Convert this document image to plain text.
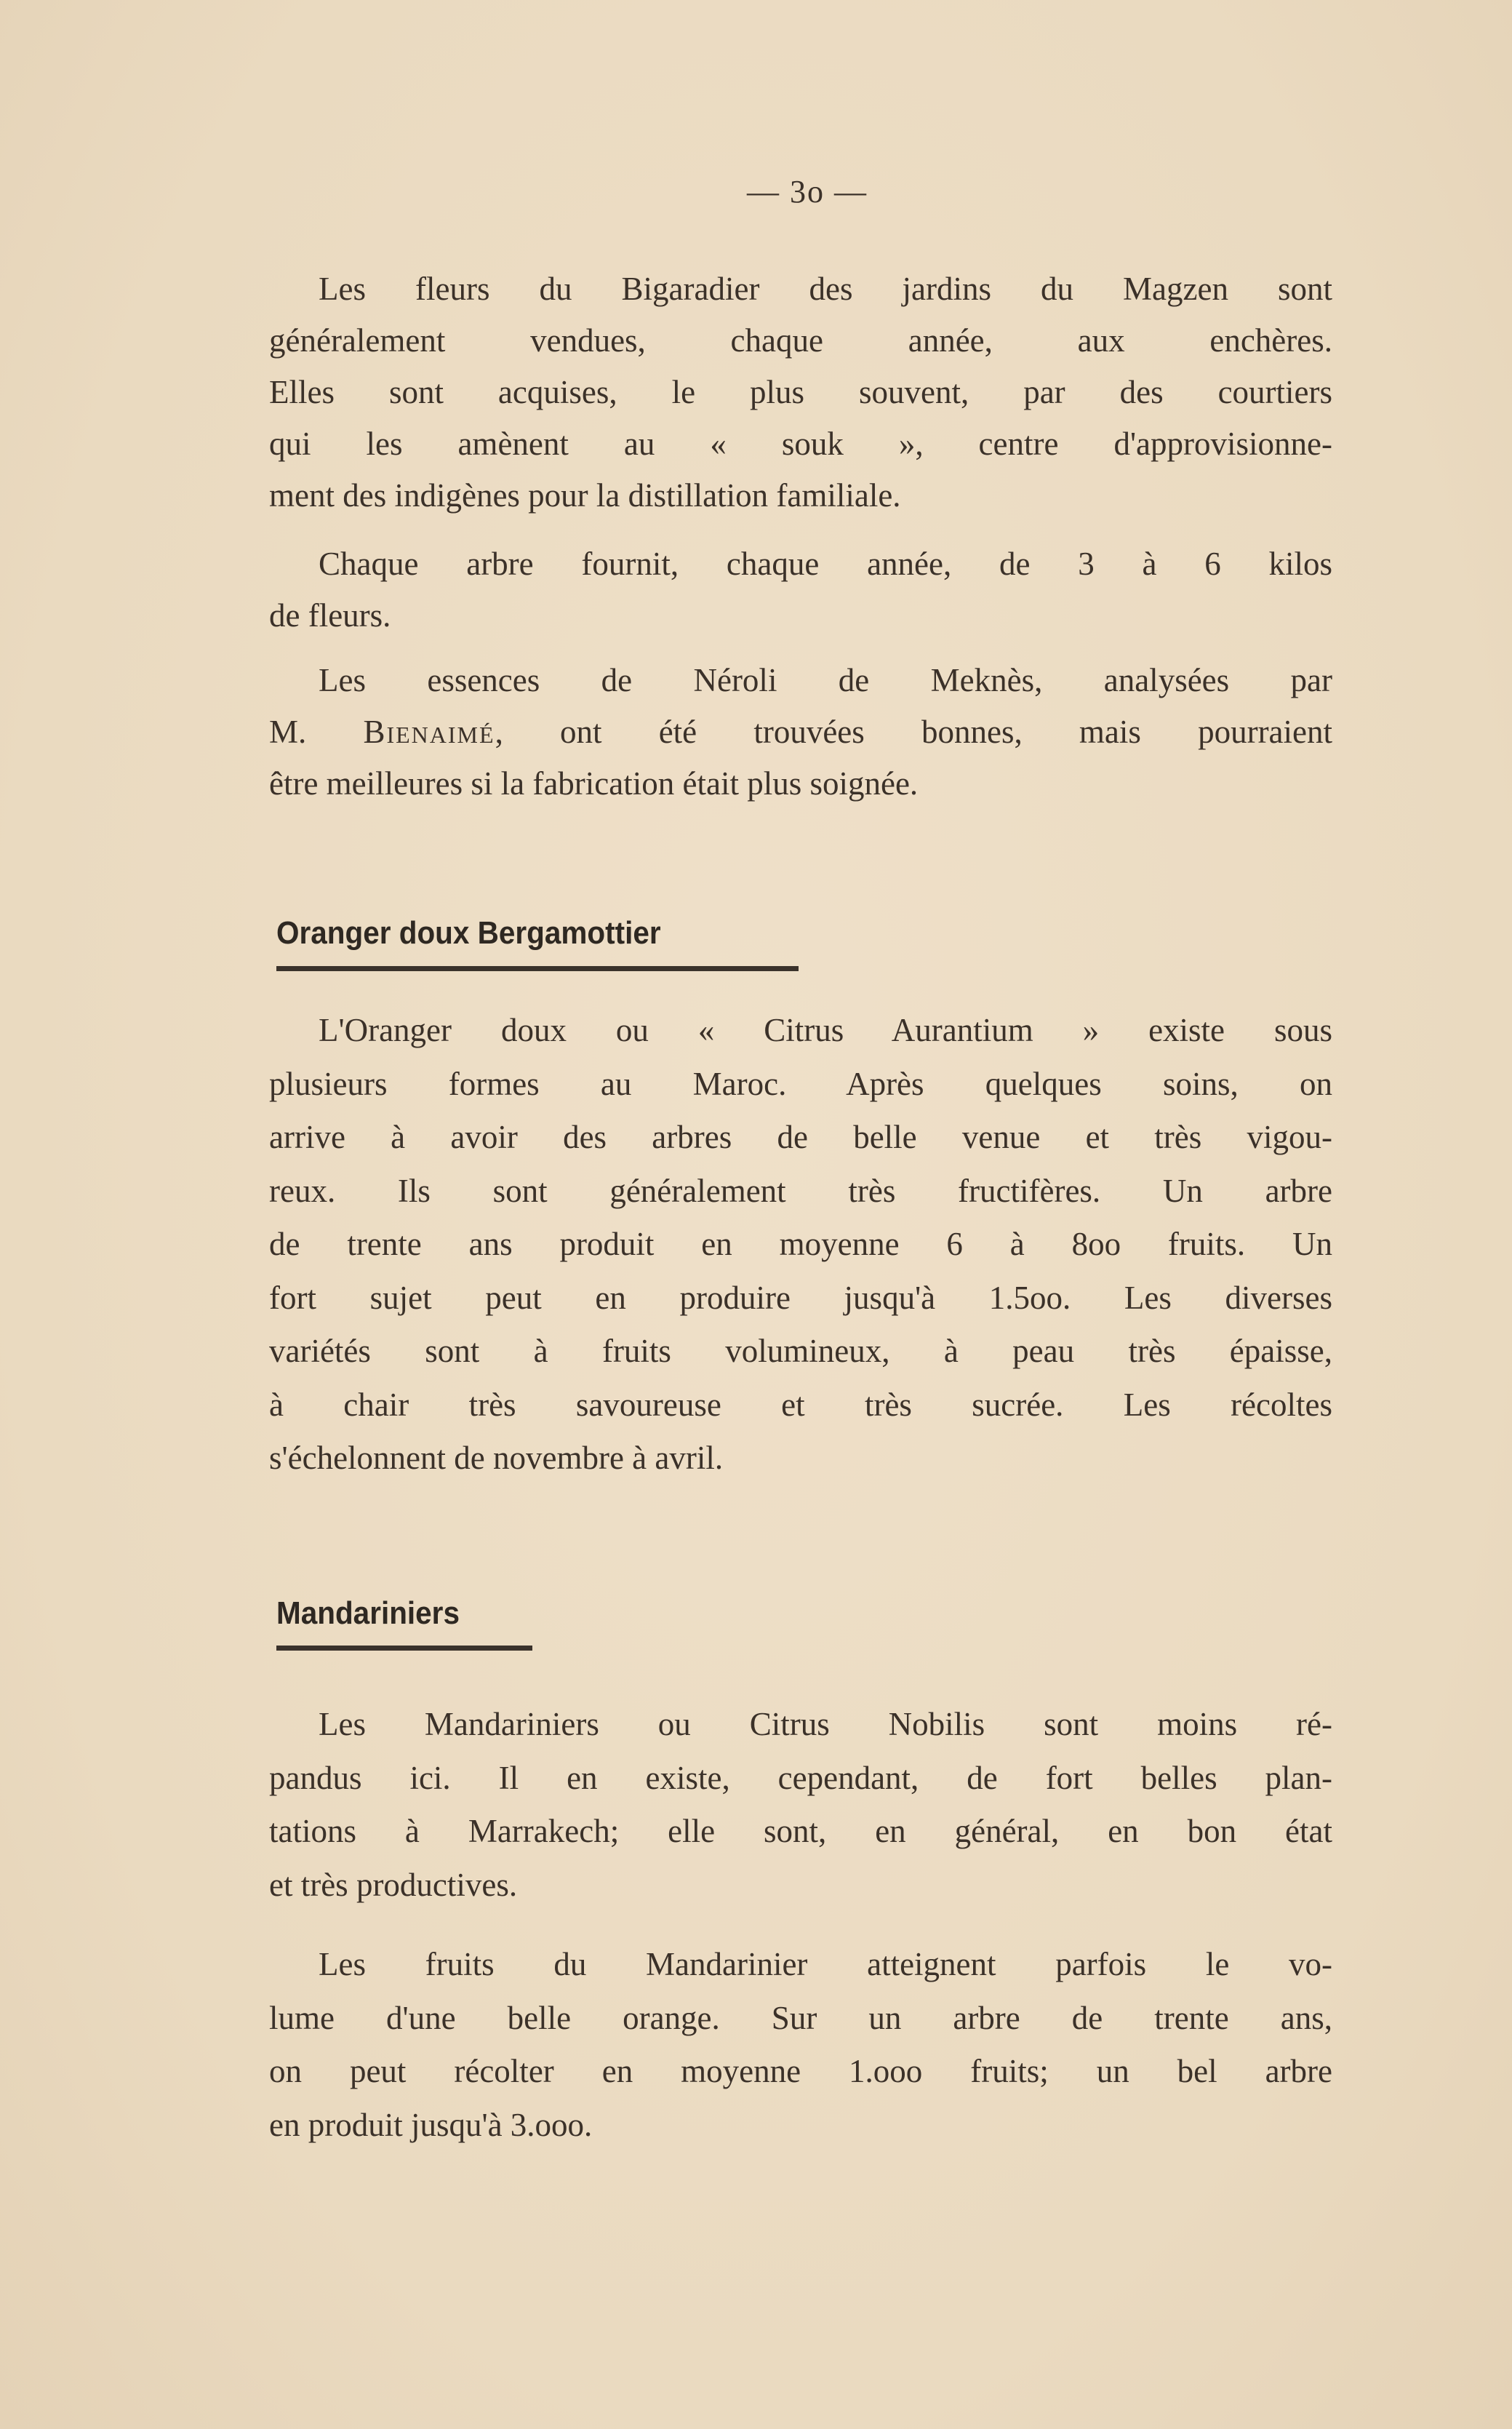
— 3o —
Les fleurs du Bigaradier des jardins du Magzen sont
généralement vendues, chaque année, aux enchères.
Elles sont acquises, le plus souvent, par des courtiers
qui les amènent au « souk », centre d'approvisionne-
ment des indigènes pour la distillation familiale.
Chaque arbre fournit, chaque année, de 3 à 6 kilos
de fleurs.
Les essences de Néroli de Meknès, analysées par
M. Bienaimé, ont été trouvées bonnes, mais pourraient
être meilleures si la fabrication était plus soignée.
Oranger doux Bergamottier
L'Oranger doux ou « Citrus Aurantium » existe sous
plusieurs formes au Maroc. Après quelques soins, on
arrive à avoir des arbres de belle venue et très vigou-
reux. Ils sont généralement très fructifères. Un arbre
de trente ans produit en moyenne 6 à 8oo fruits. Un
fort sujet peut en produire jusqu'à 1.5oo. Les diverses
variétés sont à fruits volumineux, à peau très épaisse,
à chair très savoureuse et très sucrée. Les récoltes
s'échelonnent de novembre à avril.
Mandariniers
Les Mandariniers ou Citrus Nobilis sont moins ré-
pandus ici. Il en existe, cependant, de fort belles plan-
tations à Marrakech; elle sont, en général, en bon état
et très productives.
Les fruits du Mandarinier atteignent parfois le vo-
lume d'une belle orange. Sur un arbre de trente ans,
on peut récolter en moyenne 1.ooo fruits; un bel arbre
en produit jusqu'à 3.ooo.
